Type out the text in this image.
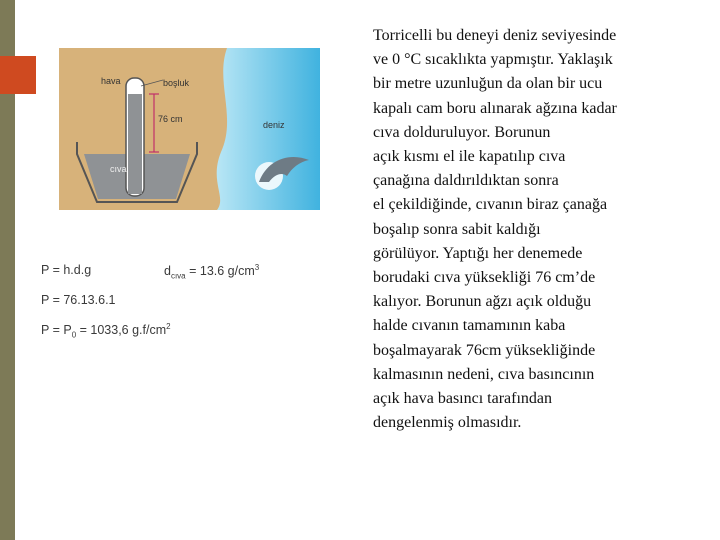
hava	boşluk
76 cm
deniz
cıva
P = h.d.g
P = 76.13.6.1
$P = P_0 = 1033,6$ $g.f/cm^2$
$d_{cıva} = 13.6$ $g/cm^3$
Torricelli bu deneyi deniz seviyesinde
ve 0 °C sıcaklıkta yapmıştır. Yaklaşık
bir metre uzunluğun da olan bir ucu
kapalı cam boru alınarak ağzına kadar
cıva dolduruluyor. Borunun
açık kısmı el ile kapatılıp cıva
çanağına daldırıldıktan sonra
el çekildiğinde, cıvanın biraz çanağa
boşalıp sonra sabit kaldığı
görülüyor. Yaptığı her denemede
borudaki cıva yüksekliği 76 cm’de
kalıyor. Borunun ağzı açık olduğu
halde cıvanın tamamının kaba
boşalmayarak 76cm yüksekliğinde
kalmasının nedeni, cıva basıncının
açık hava basıncı tarafından
dengelenmiş olmasıdır.
